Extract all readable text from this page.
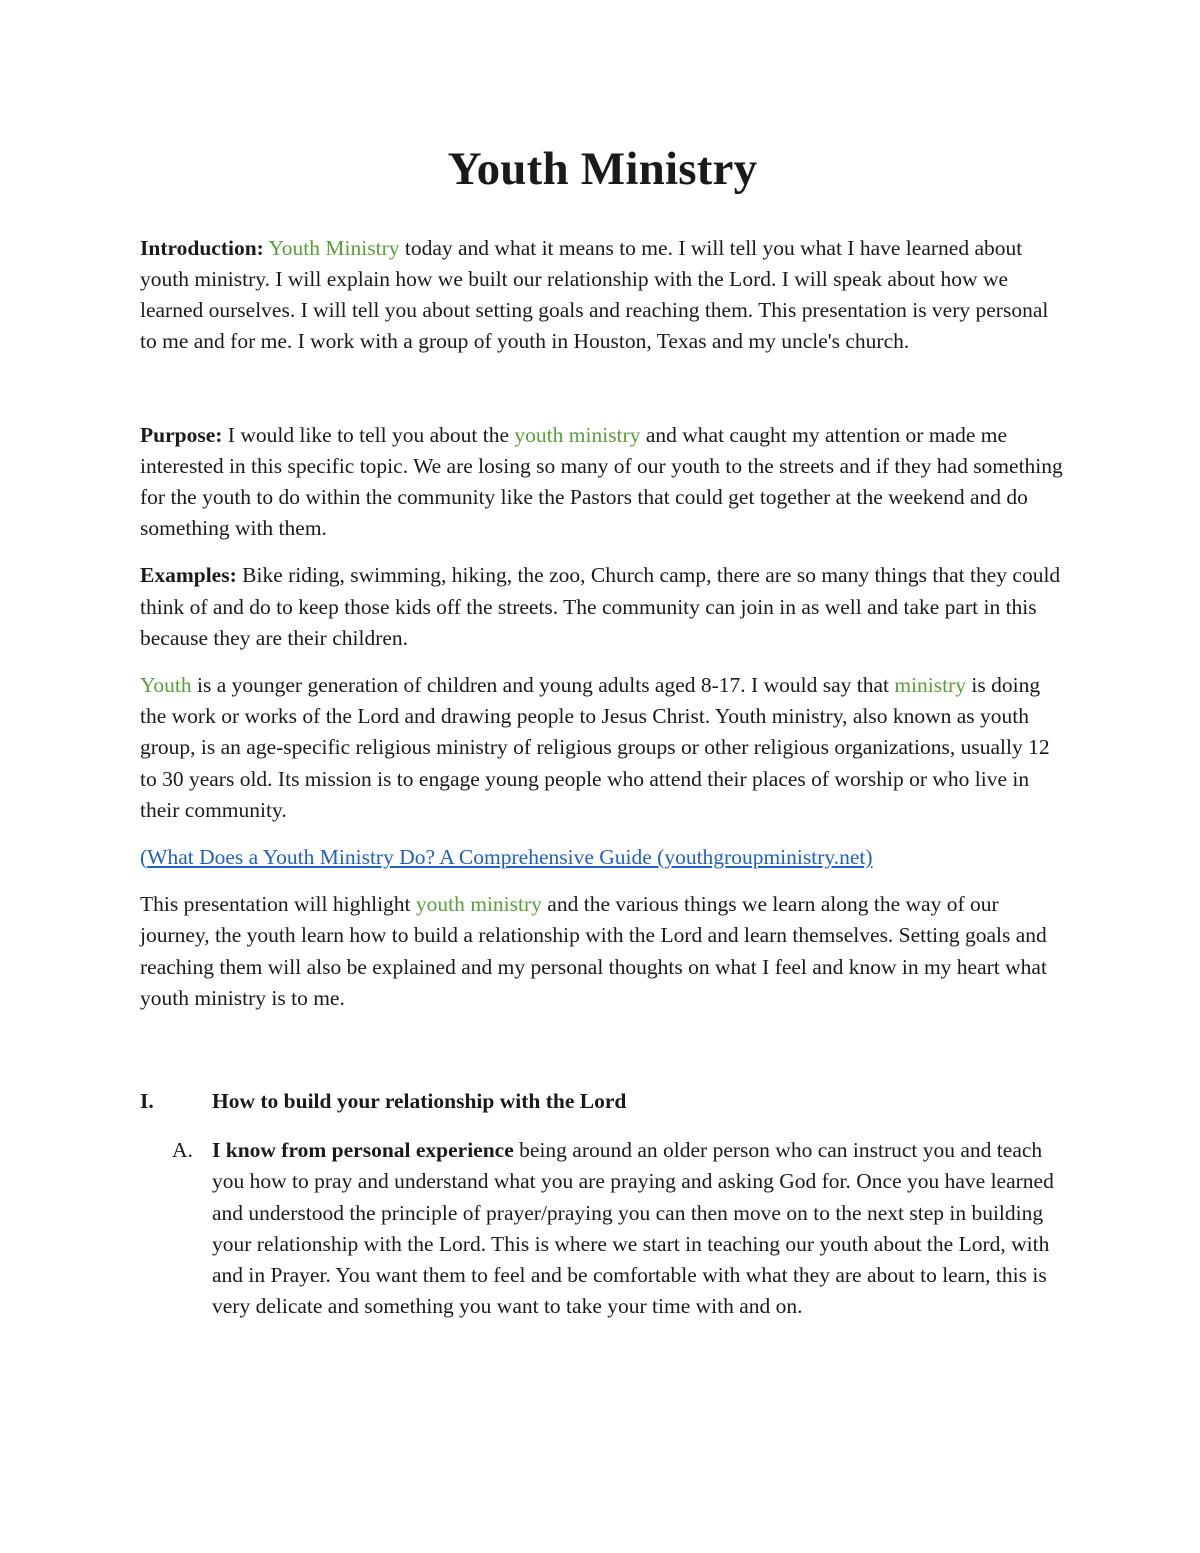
Youth Ministry

Introduction: Youth Ministry today and what it means to me. I will tell you what I have learned about youth ministry. I will explain how we built our relationship with the Lord. I will speak about how we learned ourselves. I will tell you about setting goals and reaching them. This presentation is very personal to me and for me. I work with a group of youth in Houston, Texas and my uncle's church.

Purpose: I would like to tell you about the youth ministry and what caught my attention or made me interested in this specific topic. We are losing so many of our youth to the streets and if they had something for the youth to do within the community like the Pastors that could get together at the weekend and do something with them.

Examples: Bike riding, swimming, hiking, the zoo, Church camp, there are so many things that they could think of and do to keep those kids off the streets. The community can join in as well and take part in this because they are their children.

Youth is a younger generation of children and young adults aged 8-17. I would say that ministry is doing the work or works of the Lord and drawing people to Jesus Christ. Youth ministry, also known as youth group, is an age-specific religious ministry of religious groups or other religious organizations, usually 12 to 30 years old. Its mission is to engage young people who attend their places of worship or who live in their community.

(What Does a Youth Ministry Do? A Comprehensive Guide (youthgroupministry.net)

This presentation will highlight youth ministry and the various things we learn along the way of our journey, the youth learn how to build a relationship with the Lord and learn themselves. Setting goals and reaching them will also be explained and my personal thoughts on what I feel and know in my heart what youth ministry is to me.

I.	How to build your relationship with the Lord
A. I know from personal experience being around an older person who can instruct you and teach you how to pray and understand what you are praying and asking God for. Once you have learned and understood the principle of prayer/praying you can then move on to the next step in building your relationship with the Lord. This is where we start in teaching our youth about the Lord, with and in Prayer. You want them to feel and be comfortable with what they are about to learn, this is very delicate and something you want to take your time with and on.
